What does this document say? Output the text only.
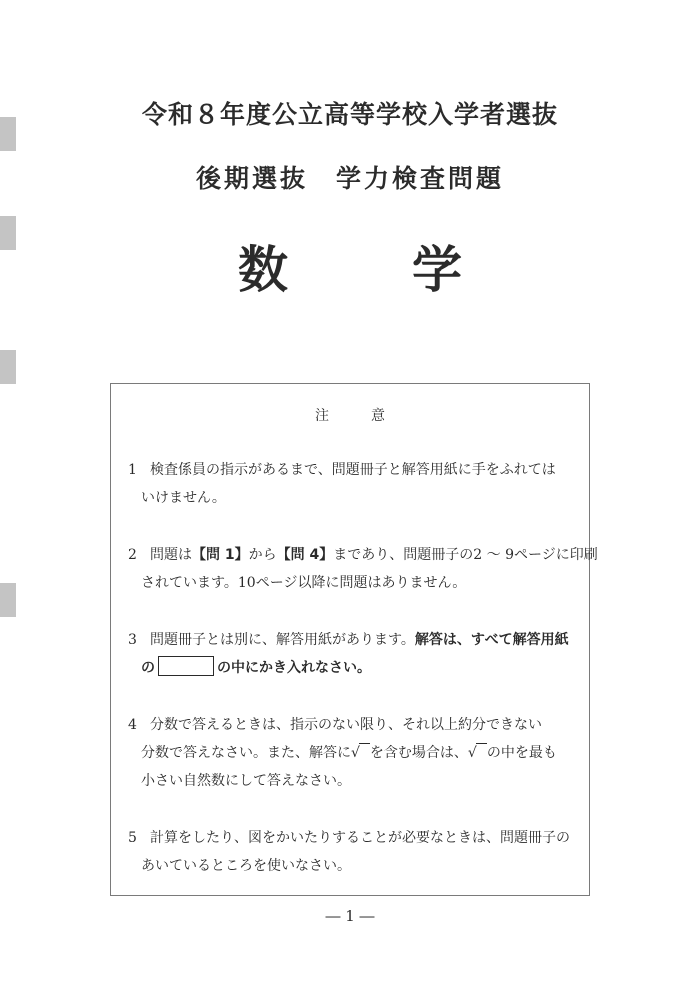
令和８年度公立高等学校入学者選抜
後期選抜　学力検査問題
数 学
注	意
1 検査係員の指示があるまで、問題冊子と解答用紙に手をふれては
いけません。
2 問題は【問 1】から【問 4】まであり、問題冊子の2 ～ 9ページに印刷
されています。10ページ以降に問題はありません。
3 問題冊子とは別に、解答用紙があります。解答は、すべて解答用紙
の	の中にかき入れなさい。
4 分数で答えるときは、指示のない限り、それ以上約分できない
分数で答えなさい。また、解答に√ を含む場合は、√ の中を最も
小さい自然数にして答えなさい。
5 計算をしたり、図をかいたりすることが必要なときは、問題冊子の
あいているところを使いなさい。
― 1 ―
